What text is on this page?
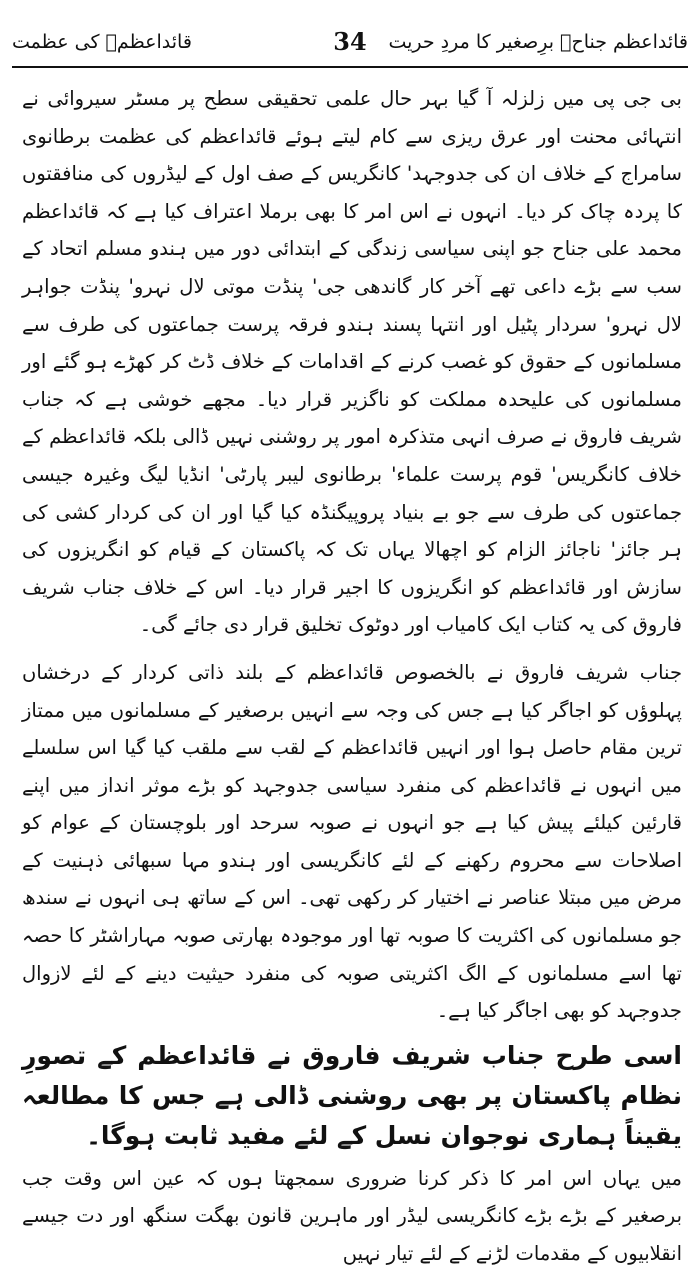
قائداعظم جناحؒ برِصغیر کا مردِ حریت
34
قائداعظمؒ کی عظمت

بی جی پی میں زلزلہ آ گیا بہر حال علمی تحقیقی سطح پر مسٹر سیروائی نے انتہائی محنت اور عرق ریزی سے کام لیتے ہوئے قائداعظم کی عظمت برطانوی سامراج کے خلاف ان کی جدوجہد' کانگریس کے صف اول کے لیڈروں کی منافقتوں کا پردہ چاک کر دیا۔ انہوں نے اس امر کا بھی برملا اعتراف کیا ہے کہ قائداعظم محمد علی جناح جو اپنی سیاسی زندگی کے ابتدائی دور میں ہندو مسلم اتحاد کے سب سے بڑے داعی تھے آخر کار گاندھی جی' پنڈت موتی لال نہرو' پنڈت جواہر لال نہرو' سردار پٹیل اور انتہا پسند ہندو فرقہ پرست جماعتوں کی طرف سے مسلمانوں کے حقوق کو غصب کرنے کے اقدامات کے خلاف ڈٹ کر کھڑے ہو گئے اور مسلمانوں کی علیحدہ مملکت کو ناگزیر قرار دیا۔ مجھے خوشی ہے کہ جناب شریف فاروق نے صرف انہی متذکرہ امور پر روشنی نہیں ڈالی بلکہ قائداعظم کے خلاف کانگریس' قوم پرست علماء' برطانوی لیبر پارٹی' انڈیا لیگ وغیرہ جیسی جماعتوں کی طرف سے جو بے بنیاد پروپیگنڈہ کیا گیا اور ان کی کردار کشی کی ہر جائز' ناجائز الزام کو اچھالا یہاں تک کہ پاکستان کے قیام کو انگریزوں کی سازش اور قائداعظم کو انگریزوں کا اجیر قرار دیا۔ اس کے خلاف جناب شریف فاروق کی یہ کتاب ایک کامیاب اور دوٹوک تخلیق قرار دی جائے گی۔

جناب شریف فاروق نے بالخصوص قائداعظم کے بلند ذاتی کردار کے درخشاں پہلوؤں کو اجاگر کیا ہے جس کی وجہ سے انہیں برصغیر کے مسلمانوں میں ممتاز ترین مقام حاصل ہوا اور انہیں قائداعظم کے لقب سے ملقب کیا گیا اس سلسلے میں انہوں نے قائداعظم کی منفرد سیاسی جدوجہد کو بڑے موثر انداز میں اپنے قارئین کیلئے پیش کیا ہے جو انہوں نے صوبہ سرحد اور بلوچستان کے عوام کو اصلاحات سے محروم رکھنے کے لئے کانگریسی اور ہندو مہا سبھائی ذہنیت کے مرض میں مبتلا عناصر نے اختیار کر رکھی تھی۔ اس کے ساتھ ہی انہوں نے سندھ جو مسلمانوں کی اکثریت کا صوبہ تھا اور موجودہ بھارتی صوبہ مہاراشٹر کا حصہ تھا اسے مسلمانوں کے الگ اکثریتی صوبہ کی منفرد حیثیت دینے کے لئے لازوال جدوجہد کو بھی اجاگر کیا ہے۔

اسی طرح جناب شریف فاروق نے قائداعظم کے تصورِ نظام پاکستان پر بھی روشنی ڈالی ہے جس کا مطالعہ یقیناً ہماری نوجوان نسل کے لئے مفید ثابت ہوگا۔

میں یہاں اس امر کا ذکر کرنا ضروری سمجھتا ہوں کہ عین اس وقت جب برصغیر کے بڑے بڑے کانگریسی لیڈر اور ماہرین قانون بھگت سنگھ اور دت جیسے انقلابیوں کے مقدمات لڑنے کے لئے تیار نہیں
